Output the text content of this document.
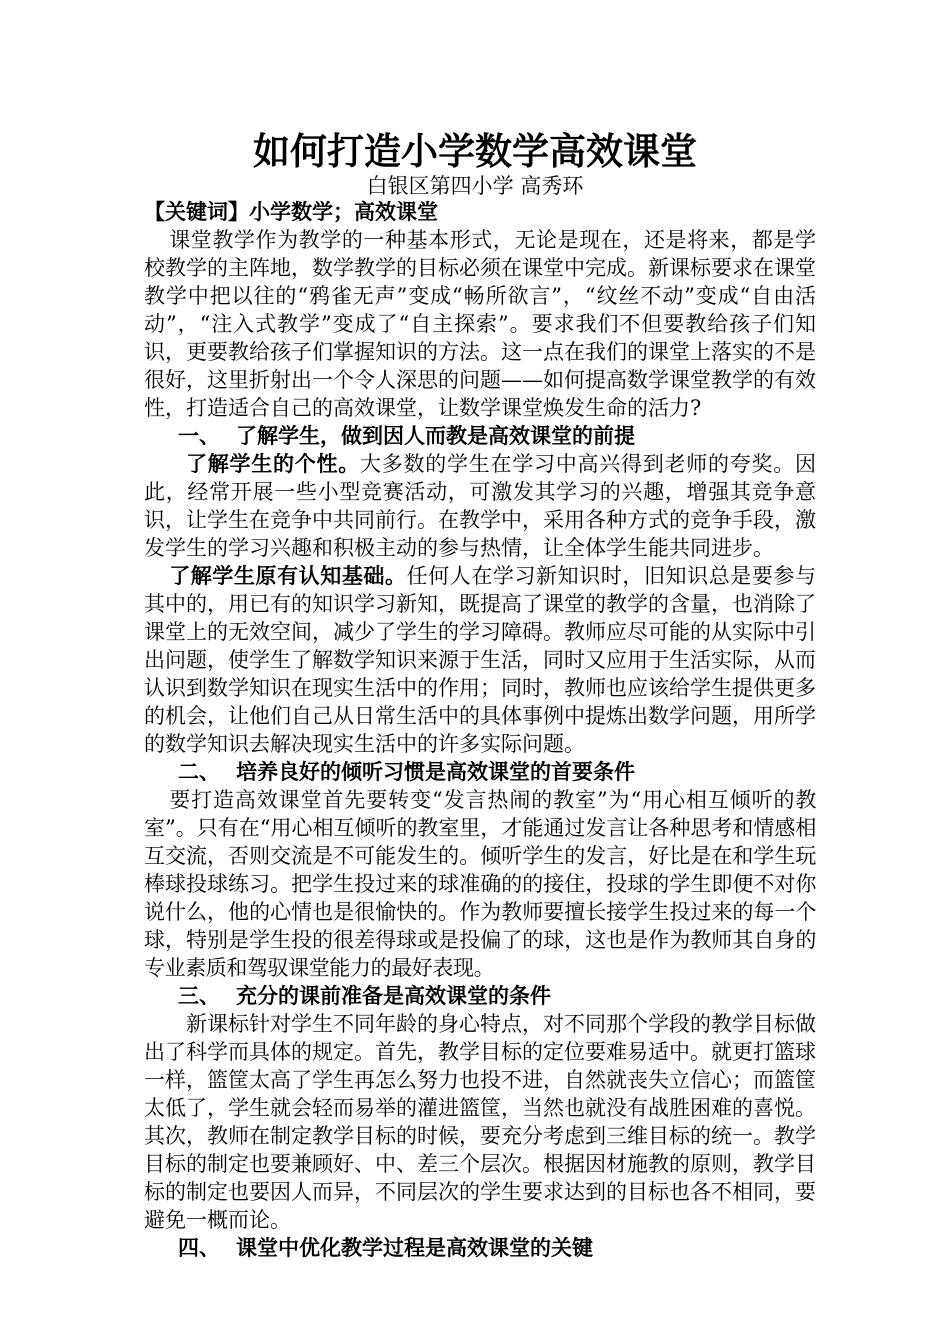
如何打造小学数学高效课堂
白银区第四小学 高秀环

【关键词】小学数学；高效课堂

课堂教学作为教学的一种基本形式，无论是现在，还是将来，都是学校教学的主阵地，数学教学的目标必须在课堂中完成。新课标要求在课堂教学中把以往的“鸦雀无声”变成“畅所欲言”，“纹丝不动”变成“自由活动”，“注入式教学”变成了“自主探索”。要求我们不但要教给孩子们知识，更要教给孩子们掌握知识的方法。这一点在我们的课堂上落实的不是很好，这里折射出一个令人深思的问题——如何提高数学课堂教学的有效性，打造适合自己的高效课堂，让数学课堂焕发生命的活力?

一、 了解学生，做到因人而教是高效课堂的前提

了解学生的个性。大多数的学生在学习中高兴得到老师的夸奖。因此，经常开展一些小型竞赛活动，可激发其学习的兴趣，增强其竞争意识，让学生在竞争中共同前行。在教学中，采用各种方式的竞争手段，激发学生的学习兴趣和积极主动的参与热情，让全体学生能共同进步。

了解学生原有认知基础。任何人在学习新知识时，旧知识总是要参与其中的，用已有的知识学习新知，既提高了课堂的教学的含量，也消除了课堂上的无效空间，减少了学生的学习障碍。教师应尽可能的从实际中引出问题，使学生了解数学知识来源于生活，同时又应用于生活实际，从而认识到数学知识在现实生活中的作用；同时，教师也应该给学生提供更多的机会，让他们自己从日常生活中的具体事例中提炼出数学问题，用所学的数学知识去解决现实生活中的许多实际问题。

二、 培养良好的倾听习惯是高效课堂的首要条件

要打造高效课堂首先要转变“发言热闹的教室”为“用心相互倾听的教室”。只有在“用心相互倾听的教室里，才能通过发言让各种思考和情感相互交流，否则交流是不可能发生的。倾听学生的发言，好比是在和学生玩棒球投球练习。把学生投过来的球准确的的接住，投球的学生即便不对你说什么，他的心情也是很愉快的。作为教师要擅长接学生投过来的每一个球，特别是学生投的很差得球或是投偏了的球，这也是作为教师其自身的专业素质和驾驭课堂能力的最好表现。

三、 充分的课前准备是高效课堂的条件

新课标针对学生不同年龄的身心特点，对不同那个学段的教学目标做出了科学而具体的规定。首先，教学目标的定位要难易适中。就更打篮球一样，篮筐太高了学生再怎么努力也投不进，自然就丧失立信心；而篮筐太低了，学生就会轻而易举的灌进篮筐，当然也就没有战胜困难的喜悦。其次，教师在制定教学目标的时候，要充分考虑到三维目标的统一。教学目标的制定也要兼顾好、中、差三个层次。根据因材施教的原则，教学目标的制定也要因人而异，不同层次的学生要求达到的目标也各不相同，要避免一概而论。

四、 课堂中优化教学过程是高效课堂的关键
